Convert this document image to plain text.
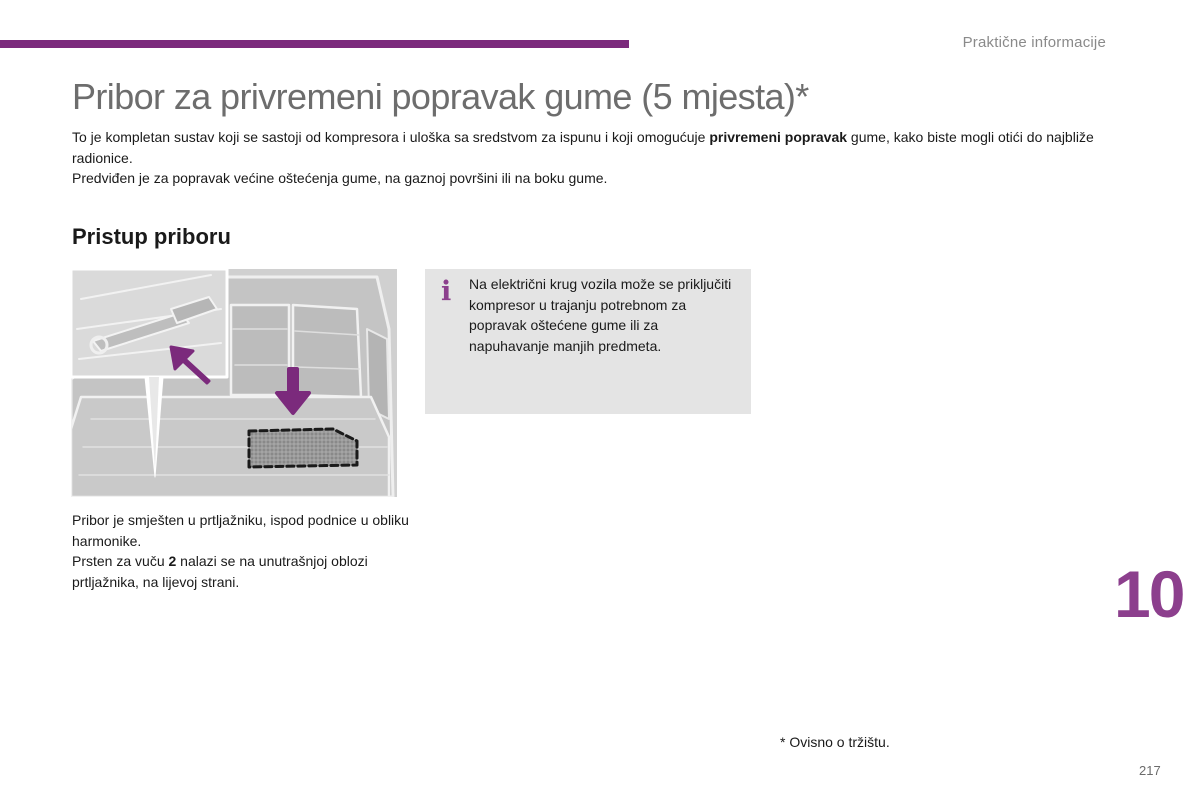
Praktične informacije
Pribor za privremeni popravak gume (5 mjesta)*

To je kompletan sustav koji se sastoji od kompresora i uloška sa sredstvom za ispunu i koji omogućuje privremeni popravak gume, kako biste mogli otići do najbliže radionice.

Predviđen je za popravak većine oštećenja gume, na gaznoj površini ili na boku gume.

Pristup priboru

Pribor je smješten u prtljažniku, ispod podnice u obliku harmonike.

Prsten za vuču 2 nalazi se na unutrašnjoj oblozi prtljažnika, na lijevoj strani.

i Na električni krug vozila može se priključiti kompresor u trajanju potrebnom za popravak oštećene gume ili za napuhavanje manjih predmeta.
10
* Ovisno o tržištu.
217
